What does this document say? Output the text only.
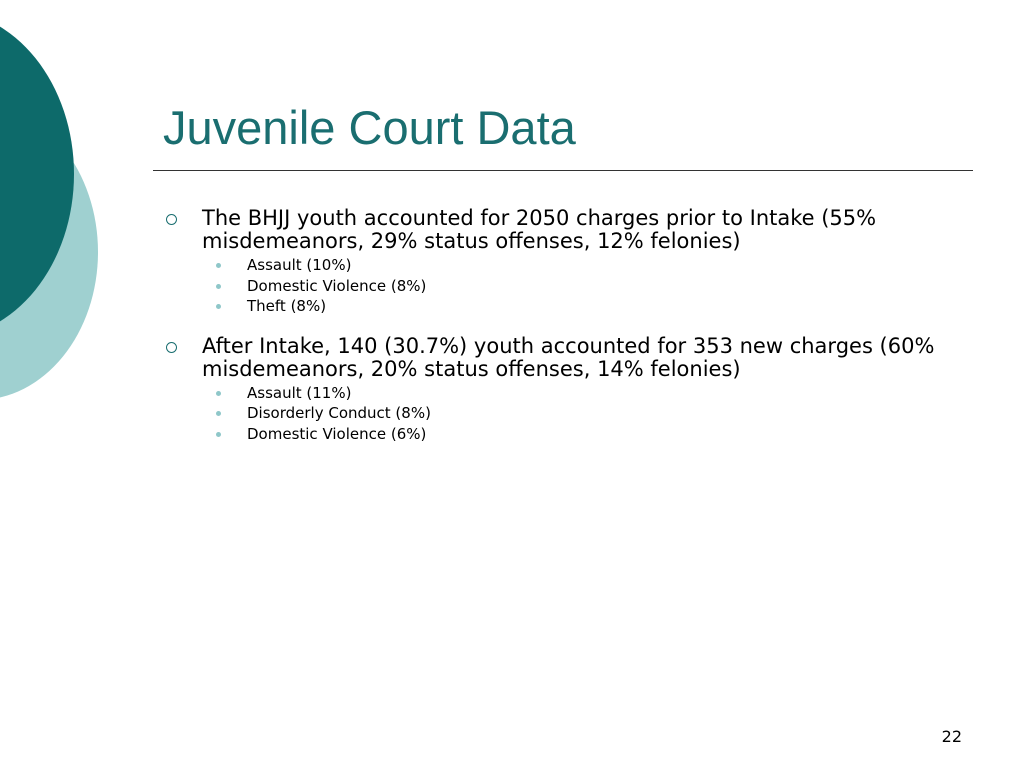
Juvenile Court Data
The BHJJ youth accounted for 2050 charges prior to Intake (55% misdemeanors, 29% status offenses, 12% felonies)
Assault (10%)
Domestic Violence (8%)
Theft (8%)
After Intake, 140 (30.7%) youth accounted for 353 new charges (60% misdemeanors, 20% status offenses, 14% felonies)
Assault (11%)
Disorderly Conduct (8%)
Domestic Violence (6%)
22
